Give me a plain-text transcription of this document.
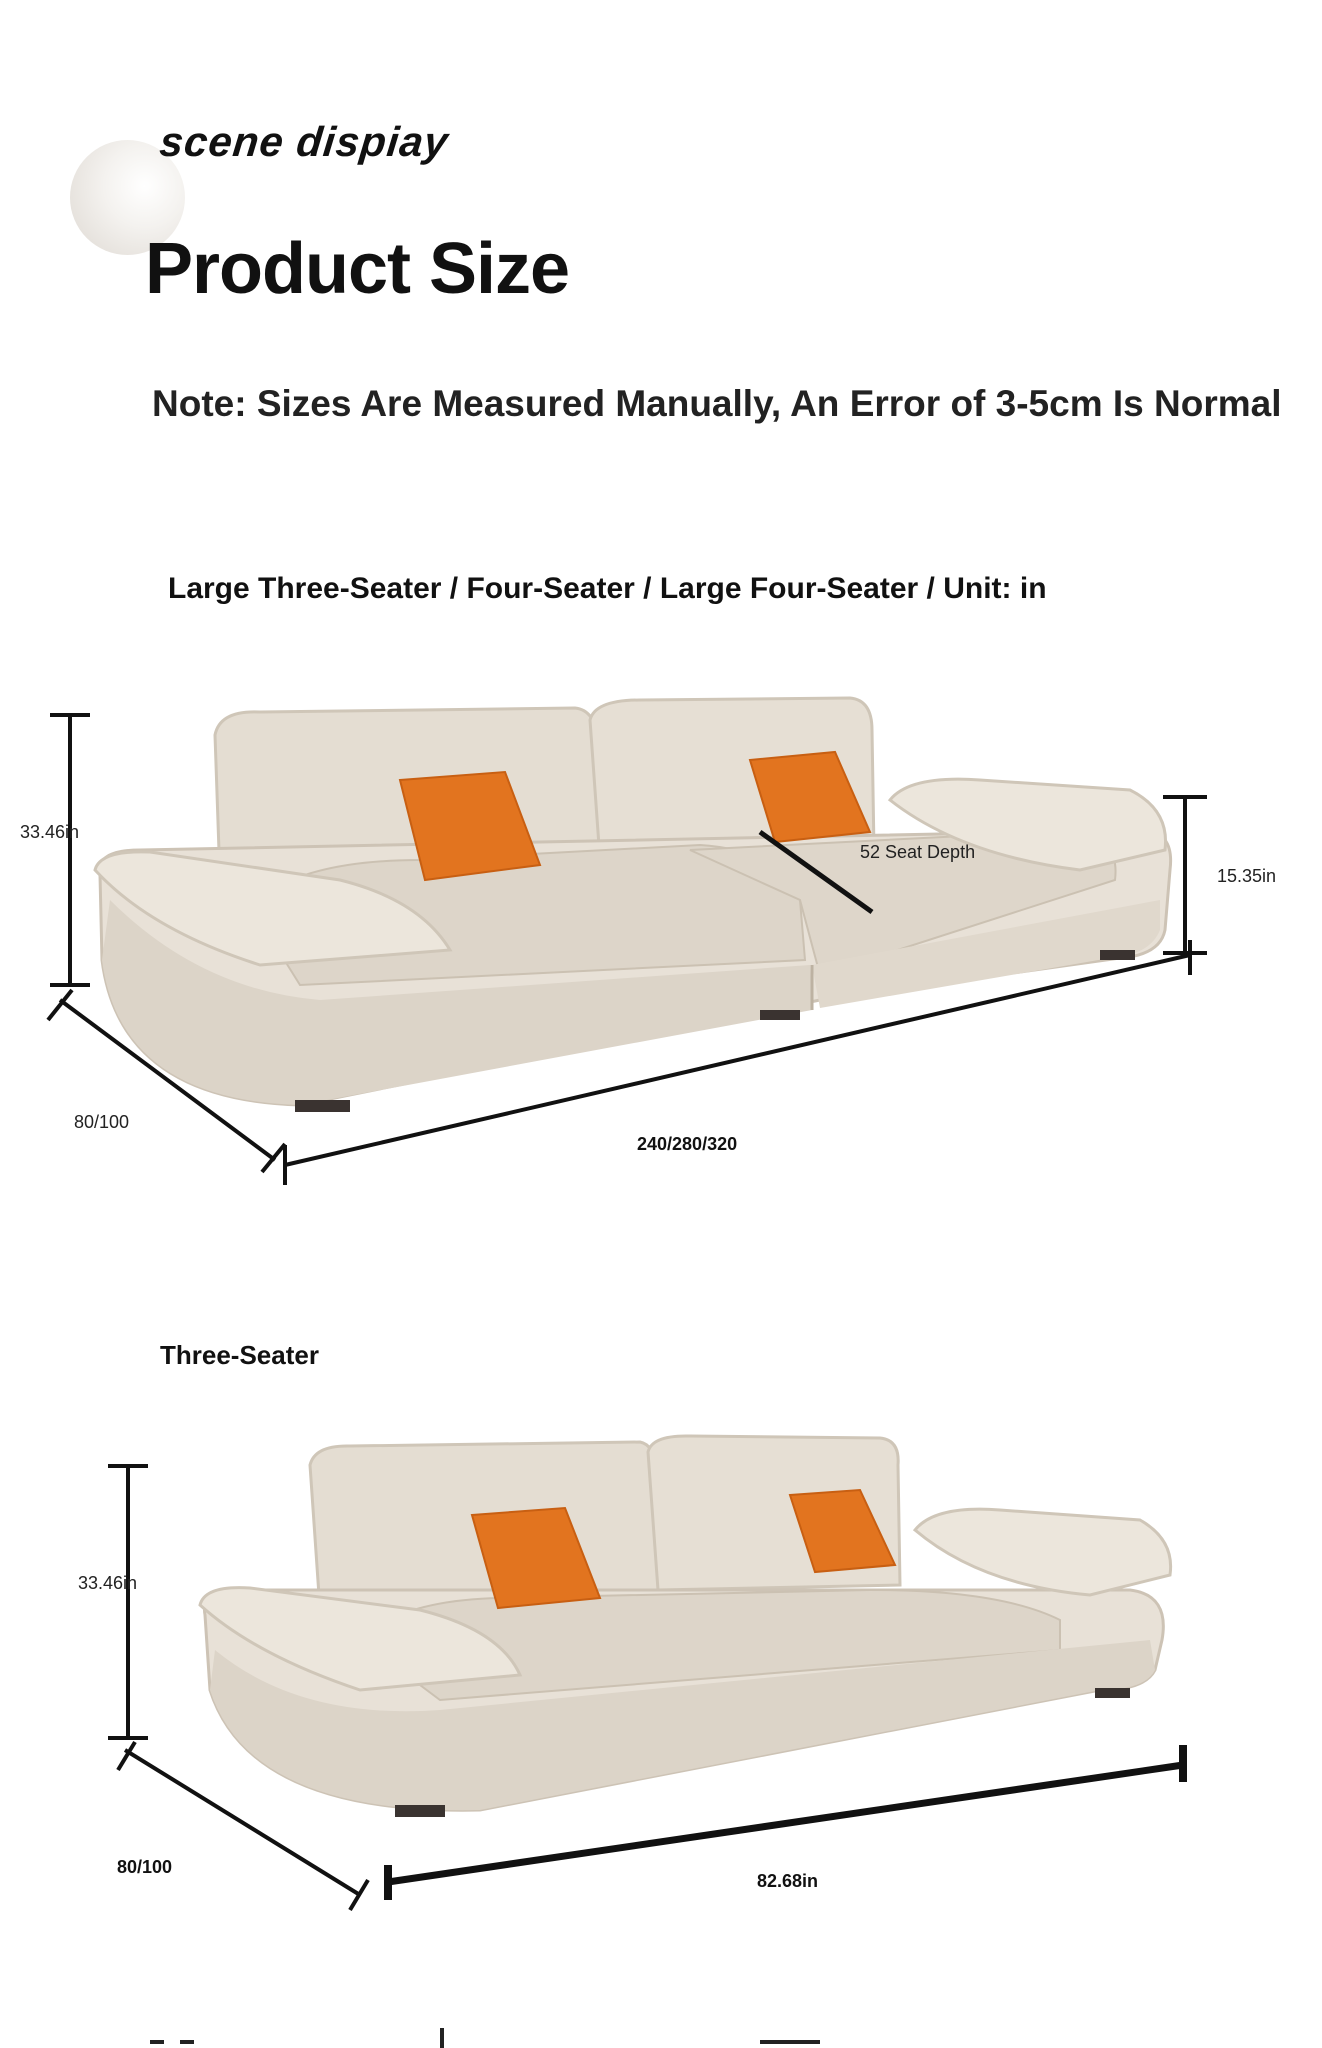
scene dispiay
Product Size
Note: Sizes Are Measured Manually, An Error of 3-5cm Is Normal
Large Three-Seater / Four-Seater / Large Four-Seater / Unit: in
33.46in
52 Seat Depth
15.35in
80/100
240/280/320
Three-Seater
33.46in
80/100
82.68in
